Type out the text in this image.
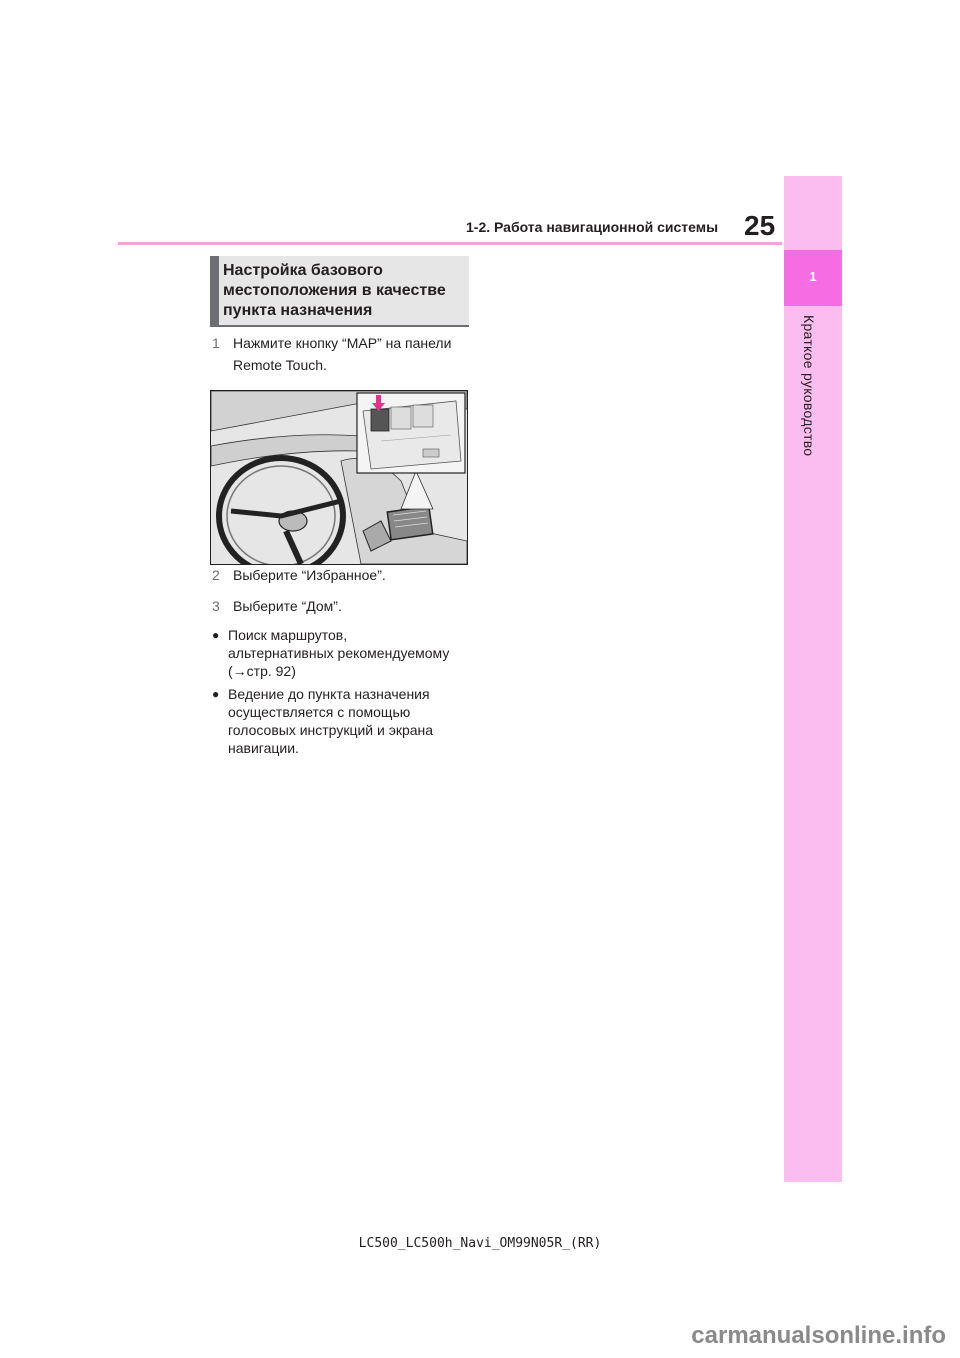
1-2. Работа навигационной системы 25
1
Краткое руководство
Настройка базового местоположения в качестве пункта назначения
1 Нажмите кнопку “MAP” на панели
Remote Touch.
2 Выберите “Избранное”.
3 Выберите “Дом”.
● Поиск маршрутов,
альтернативных рекомендуемому
(→стр. 92)
● Ведение до пункта назначения
осуществляется с помощью
голосовых инструкций и экрана
навигации.
LC500_LC500h_Navi_OM99N05R_(RR)
carmanualsonline.info
